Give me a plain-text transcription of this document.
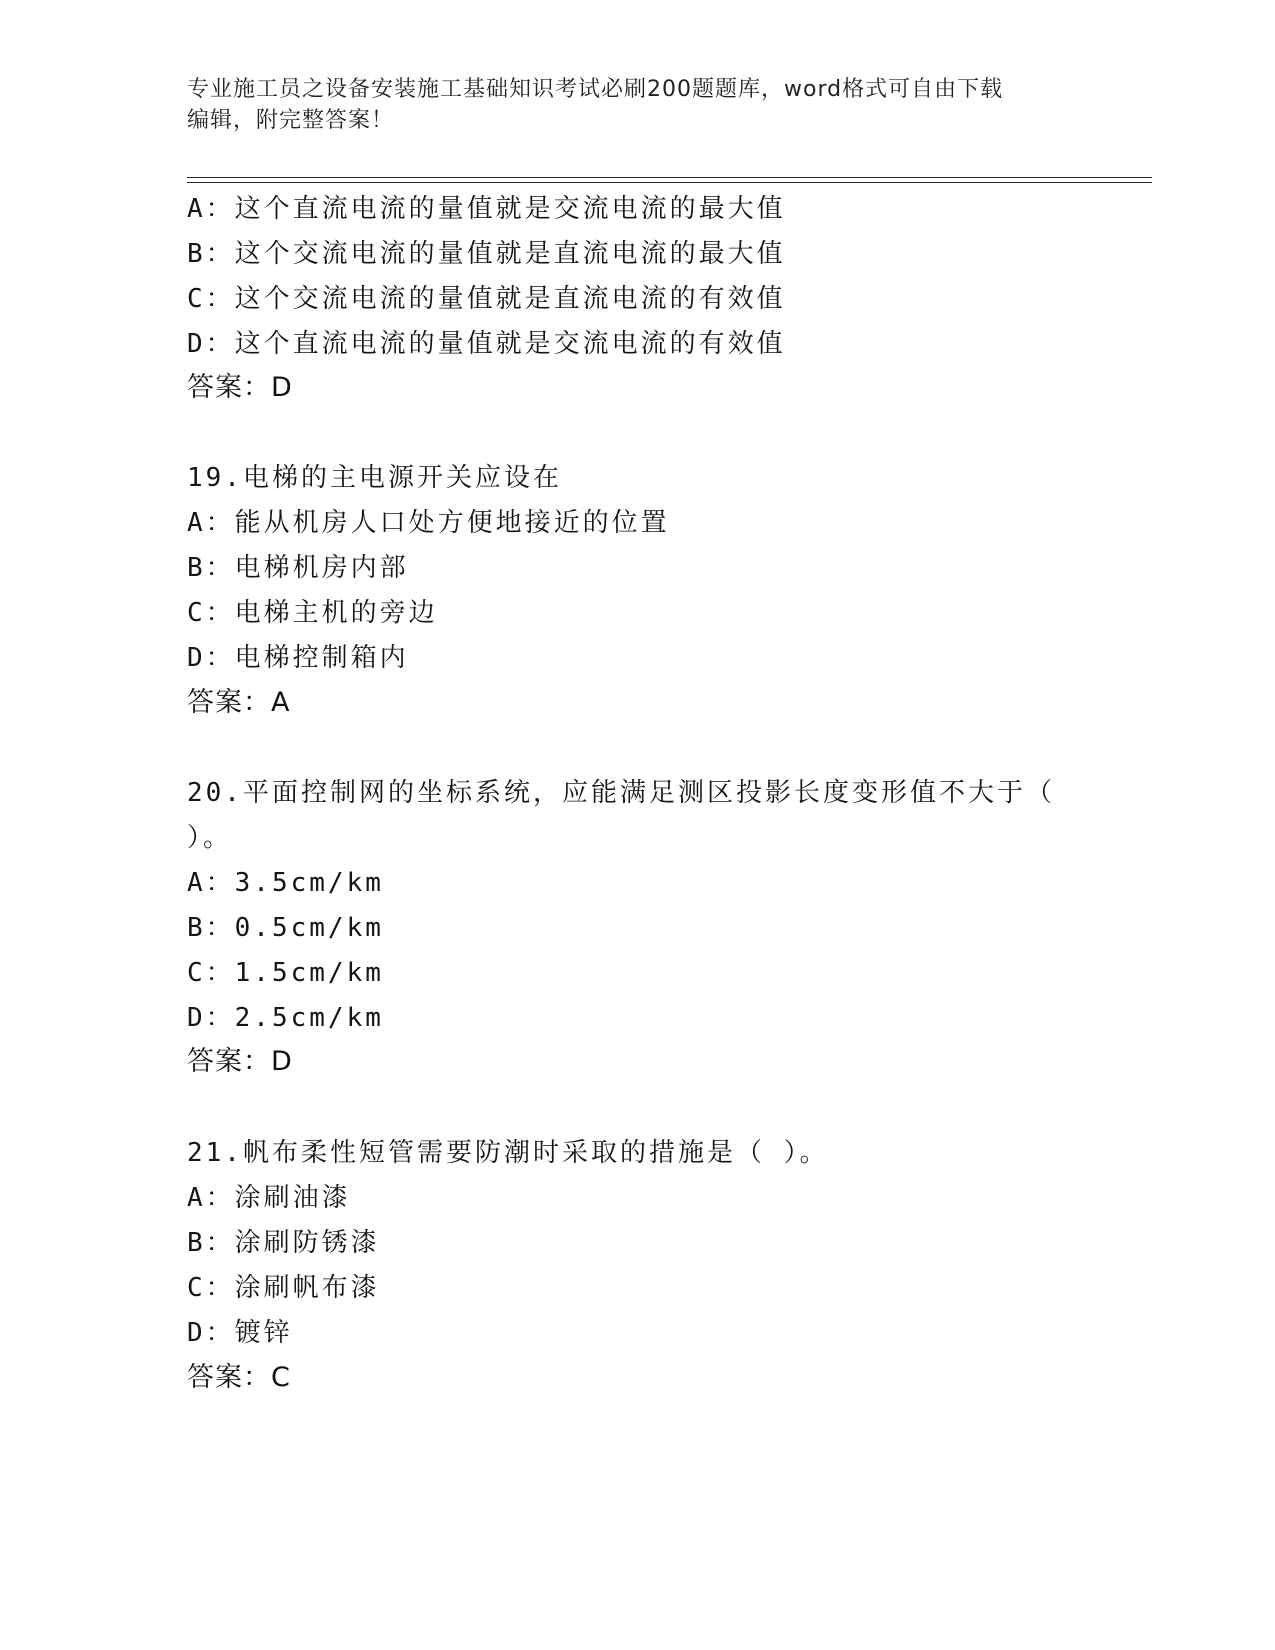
专业施工员之设备安装施工基础知识考试必刷200题题库，word格式可自由下载
编辑，附完整答案！
A：这个直流电流的量值就是交流电流的最大值
B：这个交流电流的量值就是直流电流的最大值
C：这个交流电流的量值就是直流电流的有效值
D：这个直流电流的量值就是交流电流的有效值
答案：D
19.电梯的主电源开关应设在
A：能从机房人口处方便地接近的位置
B：电梯机房内部
C：电梯主机的旁边
D：电梯控制箱内
答案：A
20.平面控制网的坐标系统，应能满足测区投影长度变形值不大于（
）。
A：3.5cm/km
B：0.5cm/km
C：1.5cm/km
D：2.5cm/km
答案：D
21.帆布柔性短管需要防潮时采取的措施是（ ）。
A：涂刷油漆
B：涂刷防锈漆
C：涂刷帆布漆
D：镀锌
答案：C
